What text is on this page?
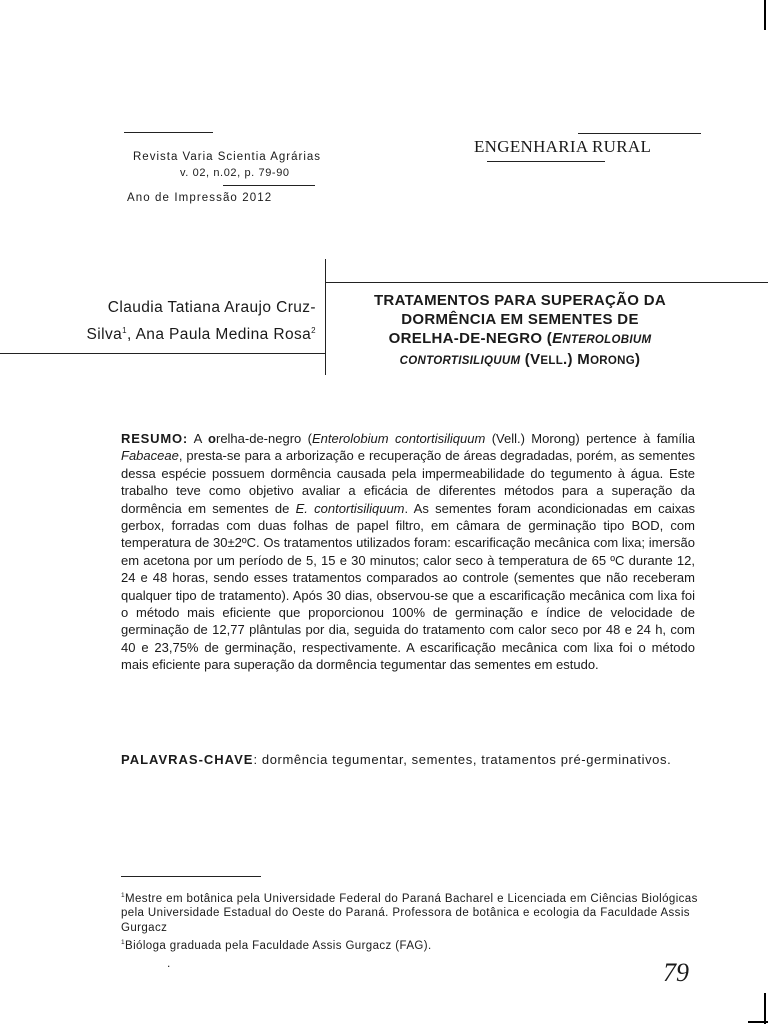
Revista Varia Scientia Agrárias
v. 02, n.02, p. 79-90
Ano de Impressão 2012
ENGENHARIA RURAL
Claudia Tatiana Araujo Cruz-
Silva$^1$, Ana Paula Medina Rosa$^2$
TRATAMENTOS PARA SUPERAÇÃO DA
DORMÊNCIA EM SEMENTES DE
ORELHA-DE-NEGRO (ENTEROLOBIUM
CONTORTISILIQUUM (VELL.) MORONG)
RESUMO: A orelha-de-negro (Enterolobium contortisiliquum (Vell.) Morong) pertence à família Fabaceae, presta-se para a arborização e recuperação de áreas degradadas, porém, as sementes dessa espécie possuem dormência causada pela impermeabilidade do tegumento à água. Este trabalho teve como objetivo avaliar a eficácia de diferentes métodos para a superação da dormência em sementes de E. contortisiliquum. As sementes foram acondicionadas em caixas gerbox, forradas com duas folhas de papel filtro, em câmara de germinação tipo BOD, com temperatura de 30±2ºC. Os tratamentos utilizados foram: escarificação mecânica com lixa; imersão em acetona por um período de 5, 15 e 30 minutos; calor seco à temperatura de 65 ºC durante 12, 24 e 48 horas, sendo esses tratamentos comparados ao controle (sementes que não receberam qualquer tipo de tratamento). Após 30 dias, observou-se que a escarificação mecânica com lixa foi o método mais eficiente que proporcionou 100% de germinação e índice de velocidade de germinação de 12,77 plântulas por dia, seguida do tratamento com calor seco por 48 e 24 h, com 40 e 23,75% de germinação, respectivamente. A escarificação mecânica com lixa foi o método mais eficiente para superação da dormência tegumentar das sementes em estudo.
PALAVRAS-CHAVE: dormência tegumentar, sementes, tratamentos pré-germinativos.
$^1$Mestre em botânica pela Universidade Federal do Paraná Bacharel e Licenciada em Ciências Biológicas pela Universidade Estadual do Oeste do Paraná. Professora de botânica e ecologia da Faculdade Assis Gurgacz
$^1$Bióloga graduada pela Faculdade Assis Gurgacz (FAG).
.	79
